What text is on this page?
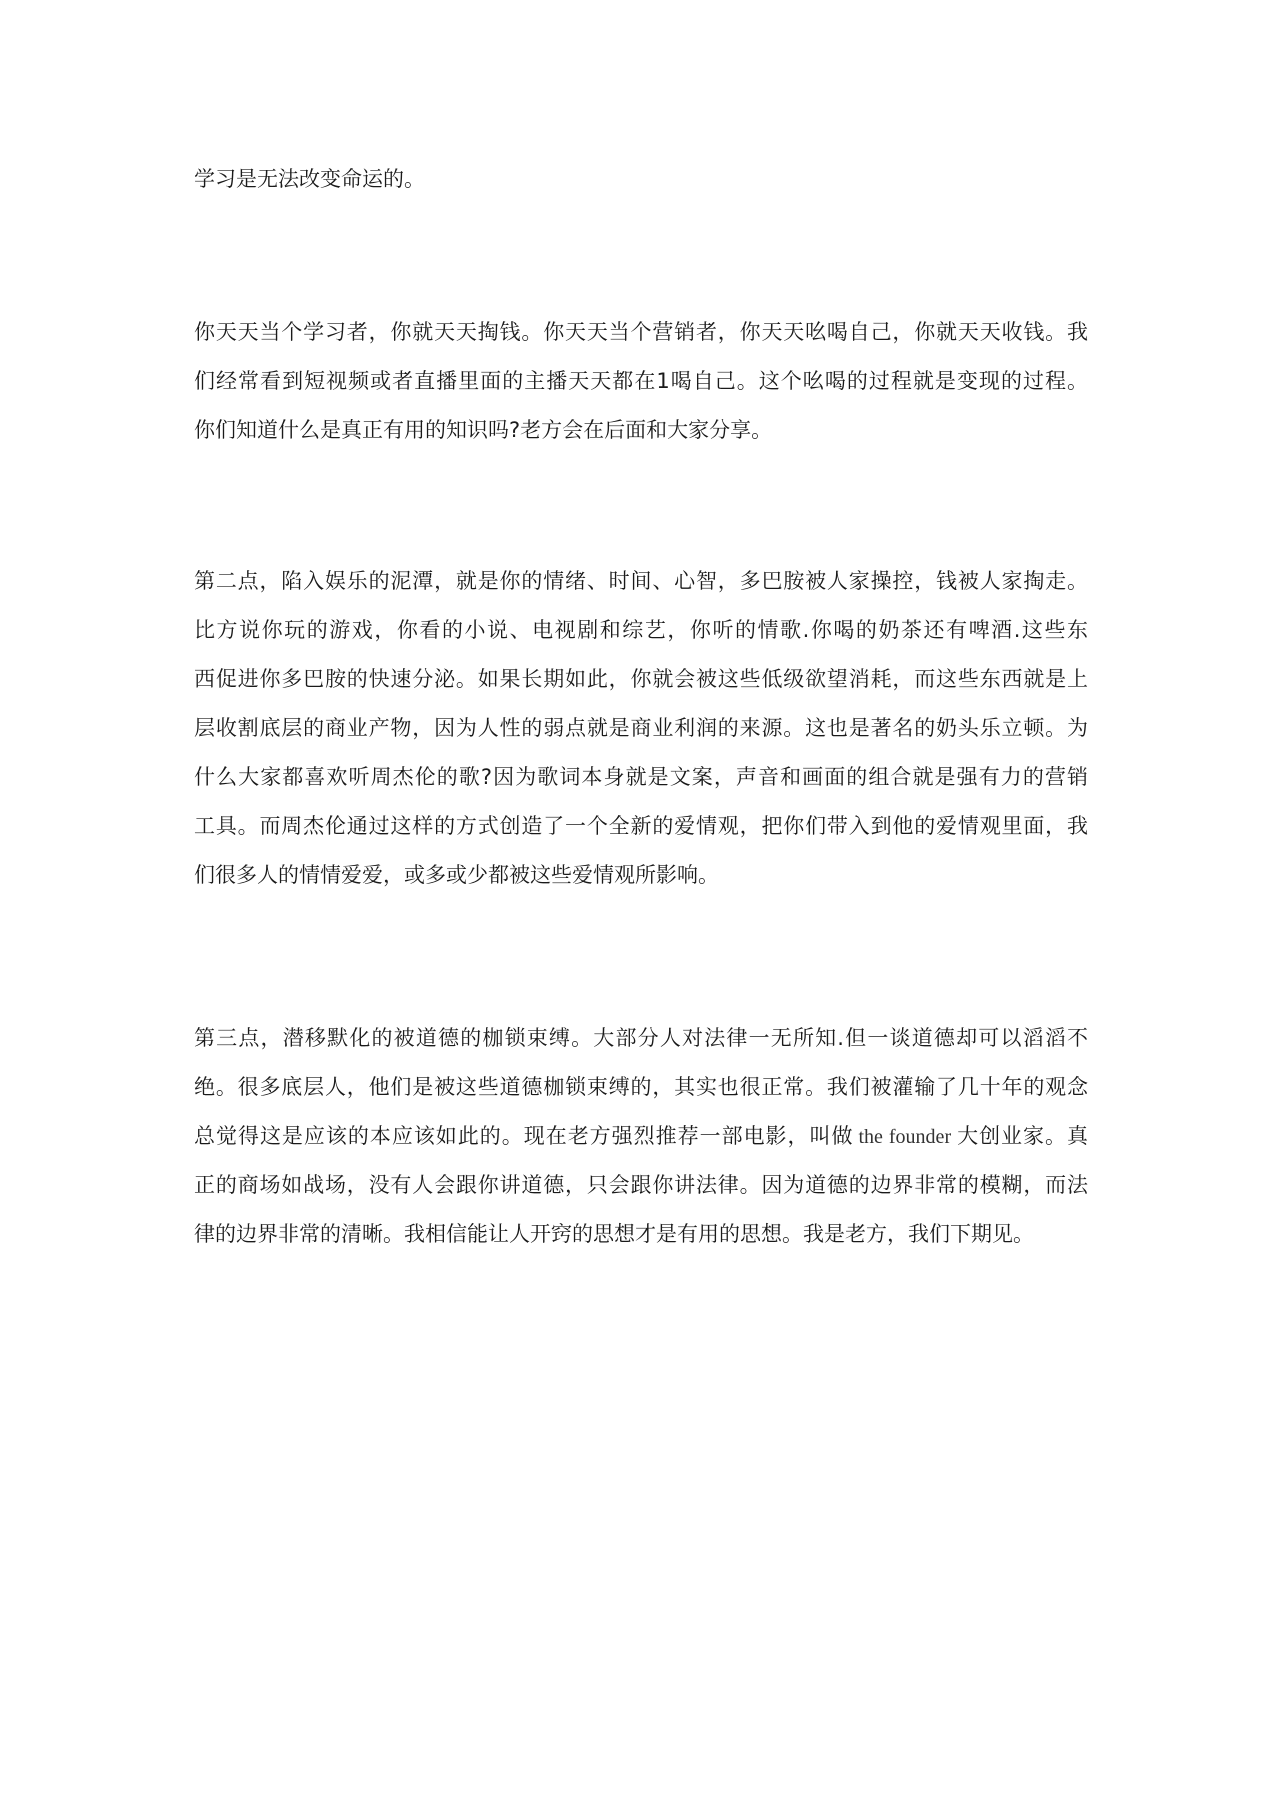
学习是无法改变命运的。
你天天当个学习者，你就天天掏钱。你天天当个营销者，你天天吆喝自己，你就天天收钱。我
们经常看到短视频或者直播里面的主播天天都在1喝自己。这个吆喝的过程就是变现的过程。
你们知道什么是真正有用的知识吗?老方会在后面和大家分享。
第二点，陷入娱乐的泥潭，就是你的情绪、时间、心智，多巴胺被人家操控，钱被人家掏走。
比方说你玩的游戏，你看的小说、电视剧和综艺，你听的情歌.你喝的奶茶还有啤酒.这些东
西促进你多巴胺的快速分泌。如果长期如此，你就会被这些低级欲望消耗，而这些东西就是上
层收割底层的商业产物，因为人性的弱点就是商业利润的来源。这也是著名的奶头乐立顿。为
什么大家都喜欢听周杰伦的歌?因为歌词本身就是文案，声音和画面的组合就是强有力的营销
工具。而周杰伦通过这样的方式创造了一个全新的爱情观，把你们带入到他的爱情观里面，我
们很多人的情情爱爱，或多或少都被这些爱情观所影响。
第三点，潜移默化的被道德的枷锁束缚。大部分人对法律一无所知.但一谈道德却可以滔滔不
绝。很多底层人，他们是被这些道德枷锁束缚的，其实也很正常。我们被灌输了几十年的观念
总觉得这是应该的本应该如此的。现在老方强烈推荐一部电影，叫做 the founder 大创业家。真
正的商场如战场，没有人会跟你讲道德，只会跟你讲法律。因为道德的边界非常的模糊，而法
律的边界非常的清晰。我相信能让人开窍的思想才是有用的思想。我是老方，我们下期见。
